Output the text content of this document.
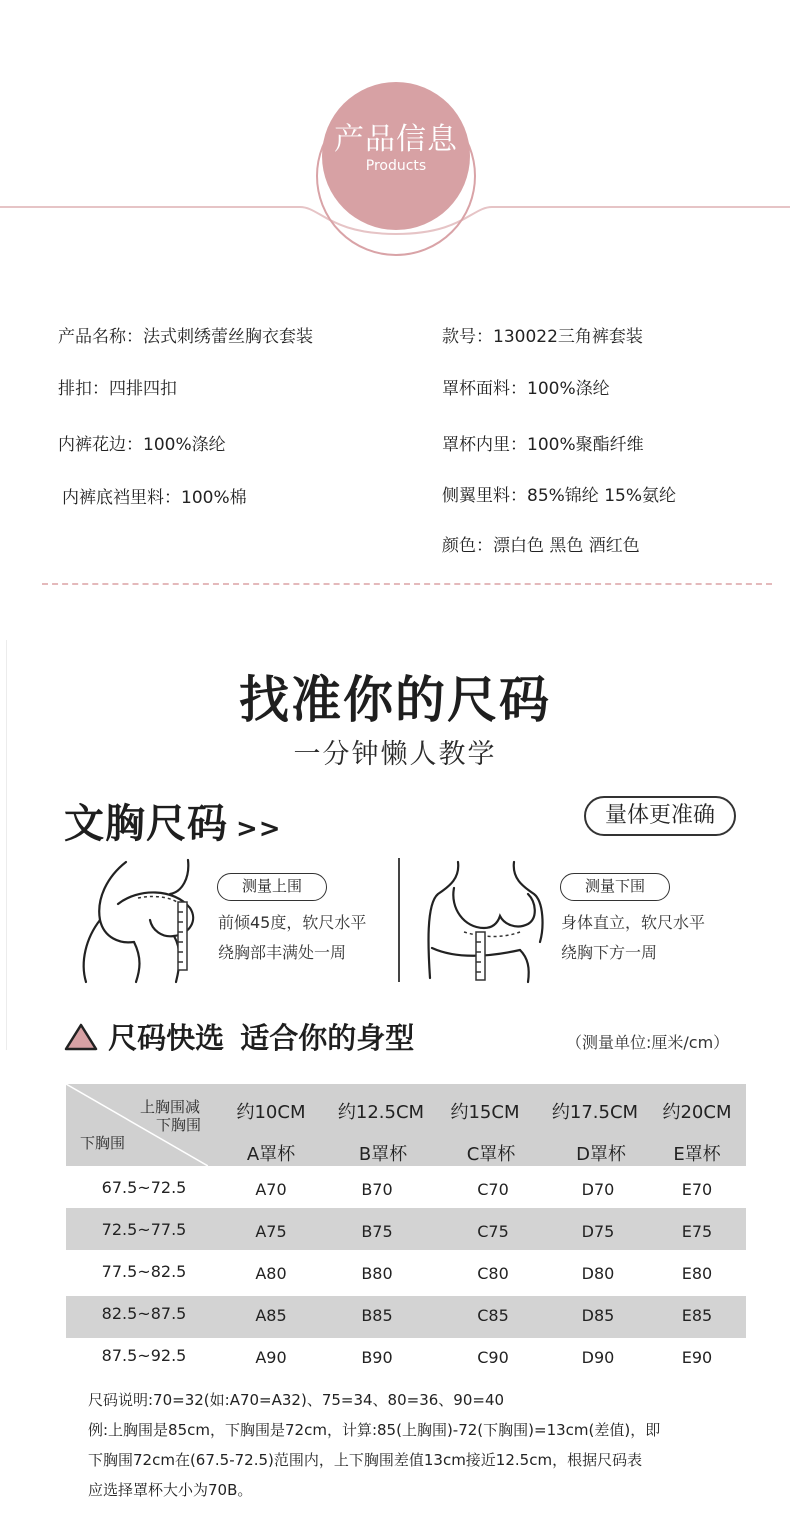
产品信息
Products
产品名称：法式刺绣蕾丝胸衣套装
排扣：四排四扣
内裤花边：100%涤纶
内裤底裆里料：100%棉
款号：130022三角裤套装
罩杯面料：100%涤纶
罩杯内里：100%聚酯纤维
侧翼里料：85%锦纶 15%氨纶
颜色：漂白色 黑色 酒红色
找准你的尺码
一分钟懒人教学
文胸尺码 >>	量体更准确
测量上围
前倾45度，软尺水平
绕胸部丰满处一周
测量下围
身体直立，软尺水平
绕胸下方一周
尺码快选 适合你的身型	（测量单位:厘米/cm）
上胸围减
下胸围
下胸围
约10CM	约12.5CM	约15CM	约17.5CM	约20CM
A罩杯	B罩杯	C罩杯	D罩杯	E罩杯
67.5~72.5	A70	B70	C70	D70	E70
72.5~77.5	A75	B75	C75	D75	E75
77.5~82.5	A80	B80	C80	D80	E80
82.5~87.5	A85	B85	C85	D85	E85
87.5~92.5	A90	B90	C90	D90	E90
尺码说明:70=32(如:A70=A32)、75=34、80=36、90=40
例:上胸围是85cm，下胸围是72cm，计算:85(上胸围)-72(下胸围)=13cm(差值)，即
下胸围72cm在(67.5-72.5)范围内，上下胸围差值13cm接近12.5cm，根据尺码表
应选择罩杯大小为70B。
